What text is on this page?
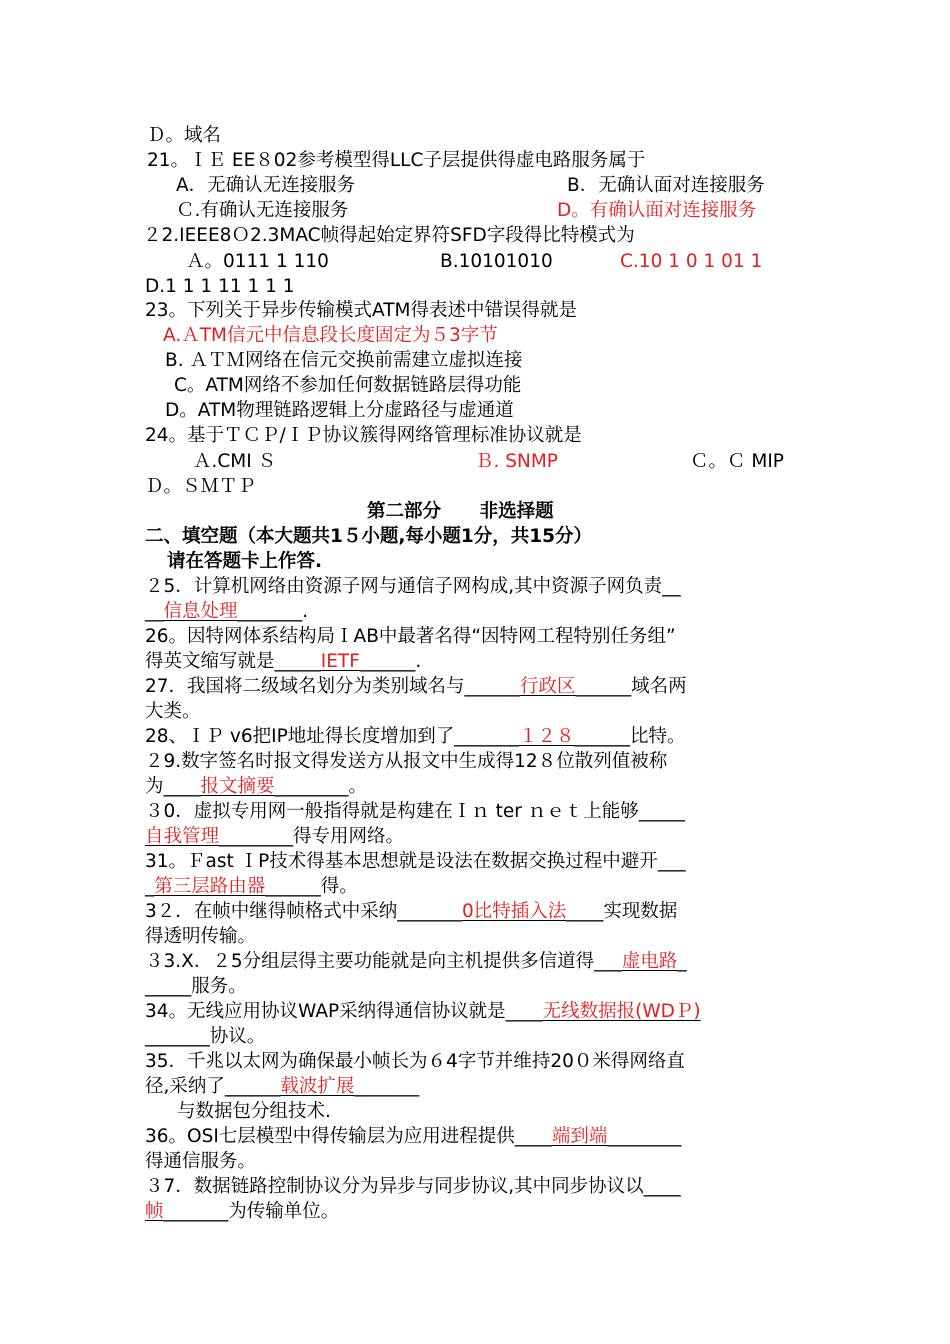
Ｄ。域名
21。ＩＥ EE８02参考模型得LLC子层提供得虚电路服务属于
A．无确认无连接服务	B．无确认面对连接服务
Ｃ.有确认无连接服务	D。有确认面对连接服务
２2.IEEE8Ｏ2.3MAC帧得起始定界符SFD字段得比特模式为
Ａ。0111 1 110	B.10101010	C.10 1 0 1 01 1
D.1 1 1 11 1 1 1
23。下列关于异步传输模式ATM得表述中错误得就是
A.ＡTM信元中信息段长度固定为５3字节
B. ＡＴＭ网络在信元交换前需建立虚拟连接
C。ATM网络不参加任何数据链路层得功能
D。ATM物理链路逻辑上分虚路径与虚通道
24。基于ＴＣＰ/ＩＰ协议簇得网络管理标准协议就是
Ａ.CMI Ｓ	Ｂ. SNMP	Ｃ。Ｃ MIP
Ｄ。ＳＭＴＰ
第二部分      非选择题
二、填空题（本大题共1５小题,每小题1分，共15分）
请在答题卡上作答.
２5．计算机网络由资源子网与通信子网构成,其中资源子网负责__
__信息处理_______.
26。因特网体系结构局ＩAB中最著名得“因特网工程特别任务组”
得英文缩写就是_____IETF______.
27．我国将二级域名划分为类别域名与______行政区______域名两
大类。
28、ＩＰ v6把IP地址得长度增加到了_______１２８______比特。
２9.数字签名时报文得发送方从报文中生成得12８位散列值被称
为____报文摘要________。
３0．虚拟专用网一般指得就是构建在Ｉｎ ter ｎｅｔ上能够_____
自我管理________得专用网络。
31。Ｆast ＩP技术得基本思想就是设法在数据交换过程中避开___
_第三层路由器______得。
3２．在帧中继得帧格式中采纳_______0比特插入法____实现数据
得透明传输。
３3.X．２5分组层得主要功能就是向主机提供多信道得___虚电路_
_____服务。
34。无线应用协议WAP采纳得通信协议就是____无线数据报(WDＰ)
_______协议。
35．千兆以太网为确保最小帧长为６4字节并维持20０米得网络直
径,采纳了______载波扩展_______
与数据包分组技术.
36。OSI七层模型中得传输层为应用进程提供____端到端________
得通信服务。
３7．数据链路控制协议分为异步与同步协议,其中同步协议以____
帧_______为传输单位。
